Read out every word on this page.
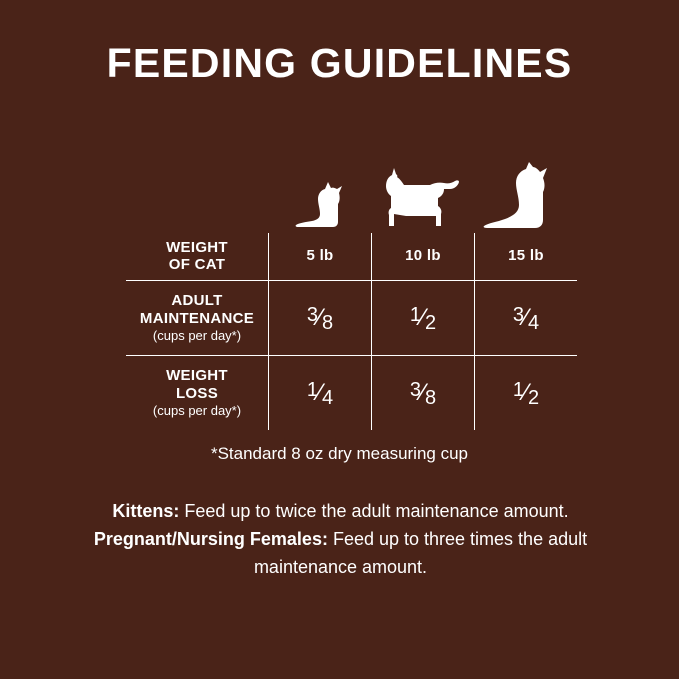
FEEDING GUIDELINES
WEIGHT
OF CAT	5 lb	10 lb	15 lb
ADULT
MAINTENANCE
(cups per day*)	3⁄8	1⁄2	3⁄4
WEIGHT
LOSS
(cups per day*)	1⁄4	3⁄8	1⁄2
*Standard 8 oz dry measuring cup
Kittens: Feed up to twice the adult maintenance amount.
Pregnant/Nursing Females: Feed up to three times the adult maintenance amount.
